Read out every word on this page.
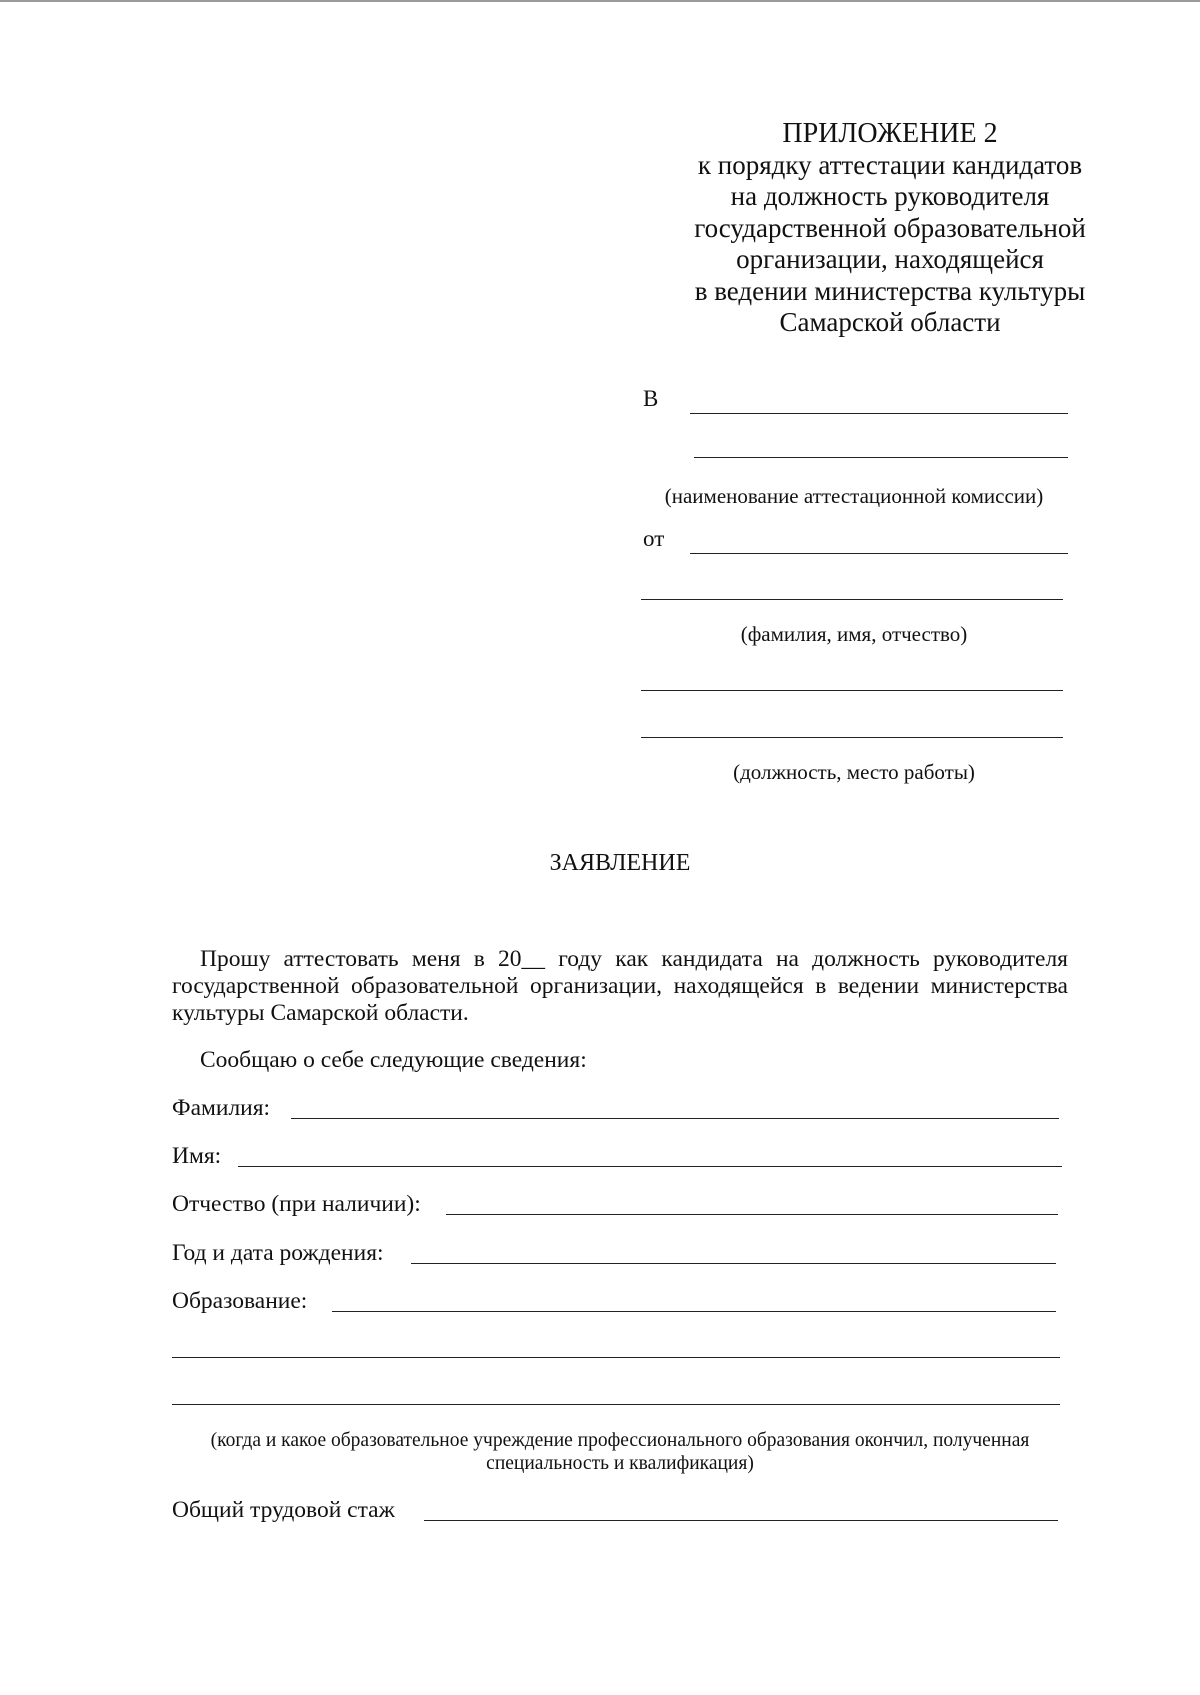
ПРИЛОЖЕНИЕ 2
к порядку аттестации кандидатов
на должность руководителя
государственной образовательной
организации, находящейся
в ведении министерства культуры
Самарской области
В
(наименование аттестационной комиссии)
от
(фамилия, имя, отчество)
(должность, место работы)
ЗАЯВЛЕНИЕ
Прошу аттестовать меня в 20__ году как кандидата на должность руководителя государственной образовательной организации, находящейся в ведении министерства культуры Самарской области.
Сообщаю о себе следующие сведения:
Фамилия:
Имя:
Отчество (при наличии):
Год и дата рождения:
Образование:
(когда и какое образовательное учреждение профессионального образования окончил, полученная специальность и квалификация)
Общий трудовой стаж
